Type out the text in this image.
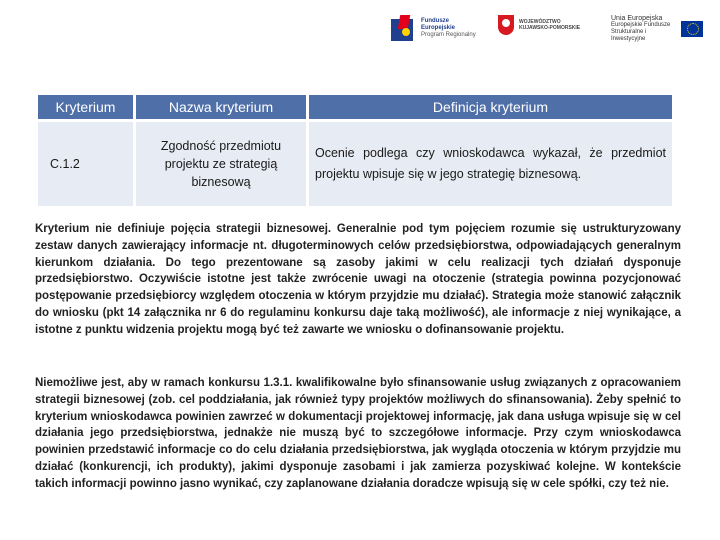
Fundusze
Europejskie
Program Regionalny
WOJEWÓDZTWO
KUJAWSKO-POMORSKIE
Unia Europejska
Europejskie Fundusze
Strukturalne i Inwestycyjne
Kryterium	Nazwa kryterium	Definicja kryterium
C.1.2	Zgodność przedmiotu projektu ze strategią biznesową	Ocenie podlega czy wnioskodawca wykazał, że przedmiot projektu wpisuje się w jego strategię biznesową.
Kryterium nie definiuje pojęcia strategii biznesowej. Generalnie pod tym pojęciem rozumie się ustrukturyzowany zestaw danych zawierający informacje nt. długoterminowych celów przedsiębiorstwa, odpowiadających generalnym kierunkom działania. Do tego prezentowane są zasoby jakimi w celu realizacji tych działań dysponuje przedsiębiorstwo. Oczywiście istotne jest także zwrócenie uwagi na otoczenie (strategia powinna pozycjonować postępowanie przedsiębiorcy względem otoczenia w którym przyjdzie mu działać). Strategia może stanowić załącznik do wniosku (pkt 14 załącznika nr 6 do regulaminu konkursu daje taką możliwość), ale informacje z niej wynikające, a istotne z punktu widzenia projektu mogą być też zawarte we wniosku o dofinansowanie projektu.
Niemożliwe jest, aby w ramach konkursu 1.3.1. kwalifikowalne było sfinansowanie usług związanych z opracowaniem strategii biznesowej (zob. cel poddziałania, jak również typy projektów możliwych do sfinansowania). Żeby spełnić to kryterium wnioskodawca powinien zawrzeć w dokumentacji projektowej informację, jak dana usługa wpisuje się w cel działania jego przedsiębiorstwa, jednakże nie muszą być to szczegółowe informacje. Przy czym wnioskodawca powinien przedstawić informacje co do celu działania przedsiębiorstwa, jak wygląda otoczenia w którym przyjdzie mu działać (konkurencji, ich produkty), jakimi dysponuje zasobami i jak zamierza pozyskiwać kolejne. W kontekście takich informacji powinno jasno wynikać, czy zaplanowane działania doradcze wpisują się w cele spółki, czy też nie.
